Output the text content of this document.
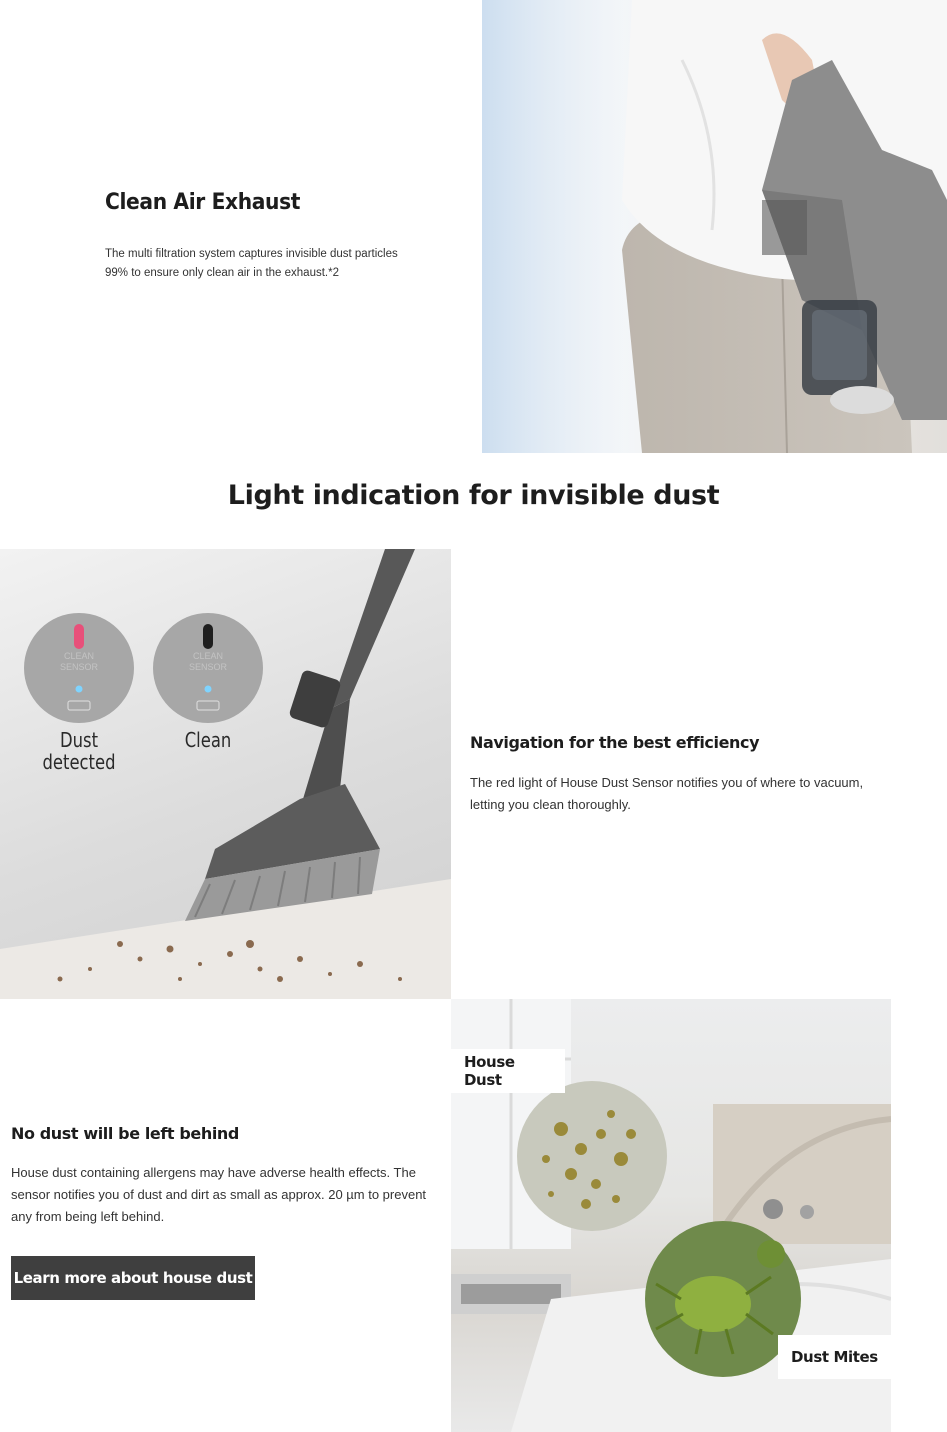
Clean Air Exhaust

The multi filtration system captures invisible dust particles 99% to ensure only clean air in the exhaust.*2

Light indication for invisible dust
CLEAN SENSOR
CLEAN SENSOR
Dust detected
Clean	Navigation for the best efficiency

The red light of House Dust Sensor notifies you of where to vacuum, letting you clean thoroughly.

No dust will be left behind

House dust containing allergens may have adverse health effects. The sensor notifies you of dust and dirt as small as approx. 20 µm to prevent any from being left behind.

Learn more about house dust
House Dust
Dust Mites
